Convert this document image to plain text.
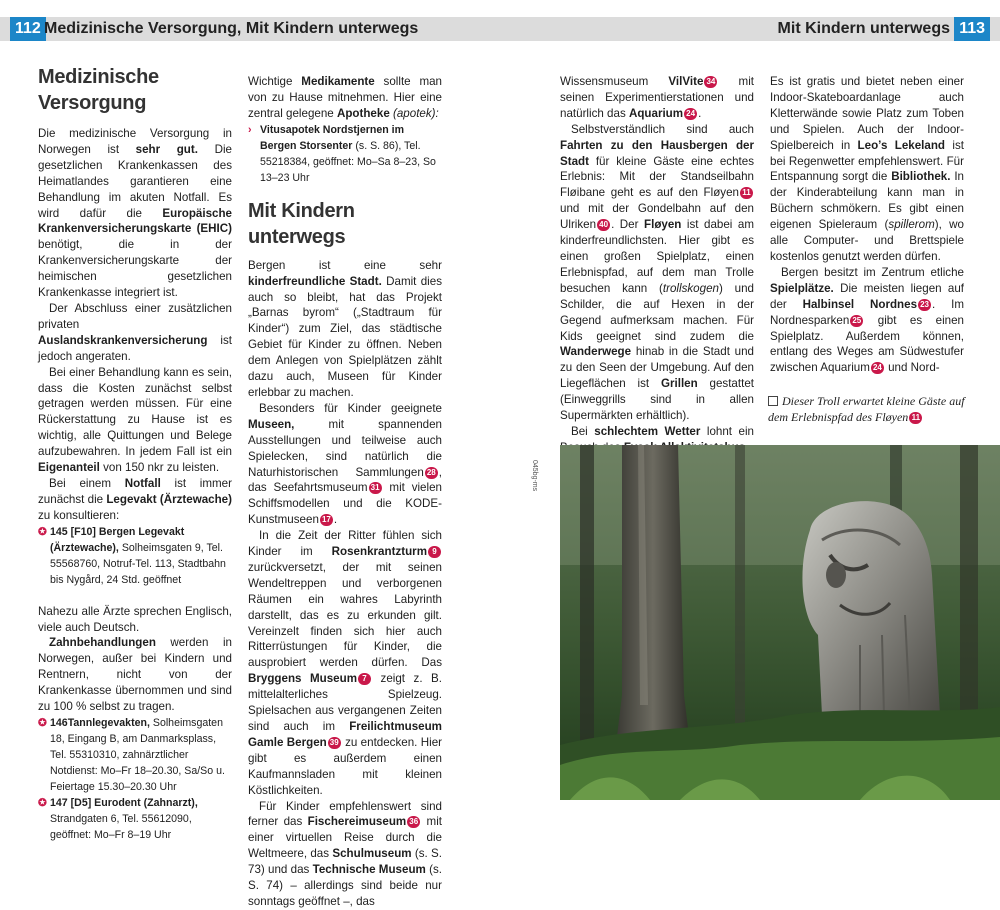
112 Medizinische Versorgung, Mit Kindern unterwegs	Mit Kindern unterwegs 113
Medizinische Versorgung

Die medizinische Versorgung in Norwegen ist sehr gut. Die gesetzlichen Krankenkassen des Heimatlandes garantieren eine Behandlung im akuten Notfall. Es wird dafür die Europäische Krankenversicherungskarte (EHIC) benötigt, die in der Krankenversicherungskarte der heimischen gesetzlichen Krankenkasse integriert ist.

Der Abschluss einer zusätzlichen privaten Auslandskrankenversicherung ist jedoch angeraten.

Bei einer Behandlung kann es sein, dass die Kosten zunächst selbst getragen werden müssen. Für eine Rückerstattung zu Hause ist es wichtig, alle Quittungen und Belege aufzubewahren. In jedem Fall ist ein Eigenanteil von 150 nkr zu leisten.

Bei einem Notfall ist immer zunächst die Legevakt (Ärztewache) zu konsultieren:

✪ 145 [F10] Bergen Legevakt (Ärztewache), Solheimsgaten 9, Tel. 55568760, Notruf-Tel. 113, Stadtbahn bis Nygård, 24 Std. geöffnet

Nahezu alle Ärzte sprechen Englisch, viele auch Deutsch.

Zahnbehandlungen werden in Norwegen, außer bei Kindern und Rentnern, nicht von der Krankenkasse übernommen und sind zu 100 % selbst zu tragen.

✪ 146Tannlegevakten, Solheimsgaten 18, Eingang B, am Danmarksplass, Tel. 55310310, zahnärztlicher Notdienst: Mo–Fr 18–20.30, Sa/So u. Feiertage 15.30–20.30 Uhr

✪ 147 [D5] Eurodent (Zahnarzt), Strandgaten 6, Tel. 55612090, geöffnet: Mo–Fr 8–19 Uhr

Wichtige Medikamente sollte man von zu Hause mitnehmen. Hier eine zentral gelegene Apotheke (apotek):

› Vitusapotek Nordstjernen im Bergen Storsenter (s. S. 86), Tel. 55218384, geöffnet: Mo–Sa 8–23, So 13–23 Uhr

Mit Kindern unterwegs

Bergen ist eine sehr kinderfreundliche Stadt. Damit dies auch so bleibt, hat das Projekt „Barnas byrom“ („Stadtraum für Kinder“) zum Ziel, das städtische Gebiet für Kinder zu öffnen. Neben dem Anlegen von Spielplätzen zählt dazu auch, Museen für Kinder erlebbar zu machen.

Besonders für Kinder geeignete Museen, mit spannenden Ausstellungen und teilweise auch Spielecken, sind natürlich die Naturhistorischen Sammlungen 28 , das Seefahrtsmuseum 31 mit vielen Schiffsmodellen und die KODE-Kunstmuseen 17 .

In die Zeit der Ritter fühlen sich Kinder im Rosenkrantzturm 9 zurückversetzt, der mit seinen Wendeltreppen und verborgenen Räumen ein wahres Labyrinth darstellt, das es zu erkunden gilt. Vereinzelt finden sich hier auch Ritterrüstungen für Kinder, die ausprobiert werden dürfen. Das Bryggens Museum 7 zeigt z. B. mittelalterliches Spielzeug. Spielsachen aus vergangenen Zeiten sind auch im Freilichtmuseum Gamle Bergen 39 zu entdecken. Hier gibt es außerdem einen Kaufmannsladen mit kleinen Köstlichkeiten.

Für Kinder empfehlenswert sind ferner das Fischereimuseum 36 mit einer virtuellen Reise durch die Weltmeere, das Schulmuseum (s. S. 73) und das Technische Museum (s. S. 74) – allerdings sind beide nur sonntags geöffnet –, das

Wissensmuseum VilVite 34 mit seinen Experimentierstationen und natürlich das Aquarium 24 .

Selbstverständlich sind auch Fahrten zu den Hausbergen der Stadt für kleine Gäste eine echtes Erlebnis: Mit der Standseilbahn Fløibane geht es auf den Fløyen 11 und mit der Gondelbahn auf den Ulriken 40 . Der Fløyen ist dabei am kinderfreundlichsten. Hier gibt es einen großen Spielplatz, einen Erlebnispfad, auf dem man Trolle besuchen kann (trollskogen) und Schilder, die auf Hexen in der Gegend aufmerksam machen. Für Kids geeignet sind zudem die Wanderwege hinab in die Stadt und zu den Seen der Umgebung. Auf den Liegeflächen ist Grillen gestattet (Einweggrills sind in allen Supermärkten erhältlich).

Bei schlechtem Wetter lohnt ein

Es ist gratis und bietet neben einer Indoor-Skateboardanlage auch Kletterwände sowie Platz zum Toben und Spielen. Auch der Indoor-Spielbereich in Leo’s Lekeland ist bei Regenwetter empfehlenswert. Für Entspannung sorgt die Bibliothek. In der Kinderabteilung kann man in Büchern schmökern. Es gibt einen eigenen Spieleraum (spillerom), wo alle Computer- und Brettspiele kostenlos genutzt werden dürfen.

Bergen besitzt im Zentrum etliche Spielplätze. Die meisten liegen auf der Halbinsel Nordnes 23 . Im Nordnesparken 25 gibt es einen Spielplatz. Außerdem können, entlang des Weges am Südwestufer zwischen Aquarium 24 und Nord-

Dieser Troll erwartet kleine Gäste auf dem Erlebnispfad des Fløyen 11
045bg-ms
